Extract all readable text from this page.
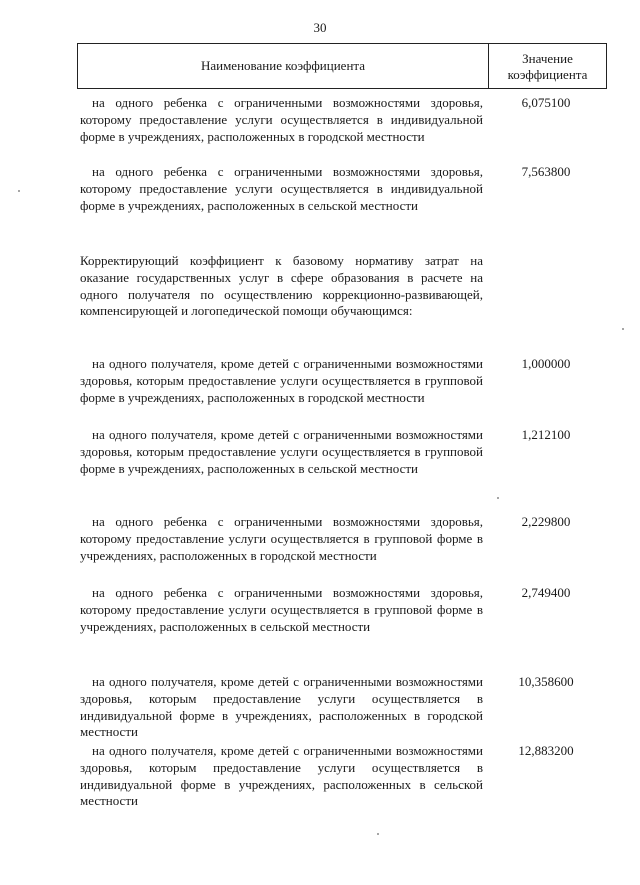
30
Наименование коэффициента	Значение коэффициента
на одного ребенка с ограниченными возможностями здоровья, которому предоставление услуги осуществляется в индивидуальной форме в учреждениях, расположенных в городской местности
6,075100
на одного ребенка с ограниченными возможностями здоровья, которому предоставление услуги осуществляется в индивидуальной форме в учреждениях, расположенных в сельской местности
7,563800
Корректирующий коэффициент к базовому нормативу затрат на оказание государственных услуг в сфере образования в расчете на одного получателя по осуществлению коррекционно-развивающей, компенсирующей и логопедической помощи обучающимся:
на одного получателя, кроме детей с ограниченными возможностями здоровья, которым предоставление услуги осуществляется в групповой форме в учреждениях, расположенных в городской местности
1,000000
на одного получателя, кроме детей с ограниченными возможностями здоровья, которым предоставление услуги осуществляется в групповой форме в учреждениях, расположенных в сельской местности
1,212100
на одного ребенка с ограниченными возможностями здоровья, которому предоставление услуги осуществляется в групповой форме в учреждениях, расположенных в городской местности
2,229800
на одного ребенка с ограниченными возможностями здоровья, которому предоставление услуги осуществляется в групповой форме в учреждениях, расположенных в сельской местности
2,749400
на одного получателя, кроме детей с ограниченными возможностями здоровья, которым предоставление услуги осуществляется в индивидуальной форме в учреждениях, расположенных в городской местности
10,358600
на одного получателя, кроме детей с ограниченными возможностями здоровья, которым предоставление услуги осуществляется в индивидуальной форме в учреждениях, расположенных в сельской местности
12,883200
